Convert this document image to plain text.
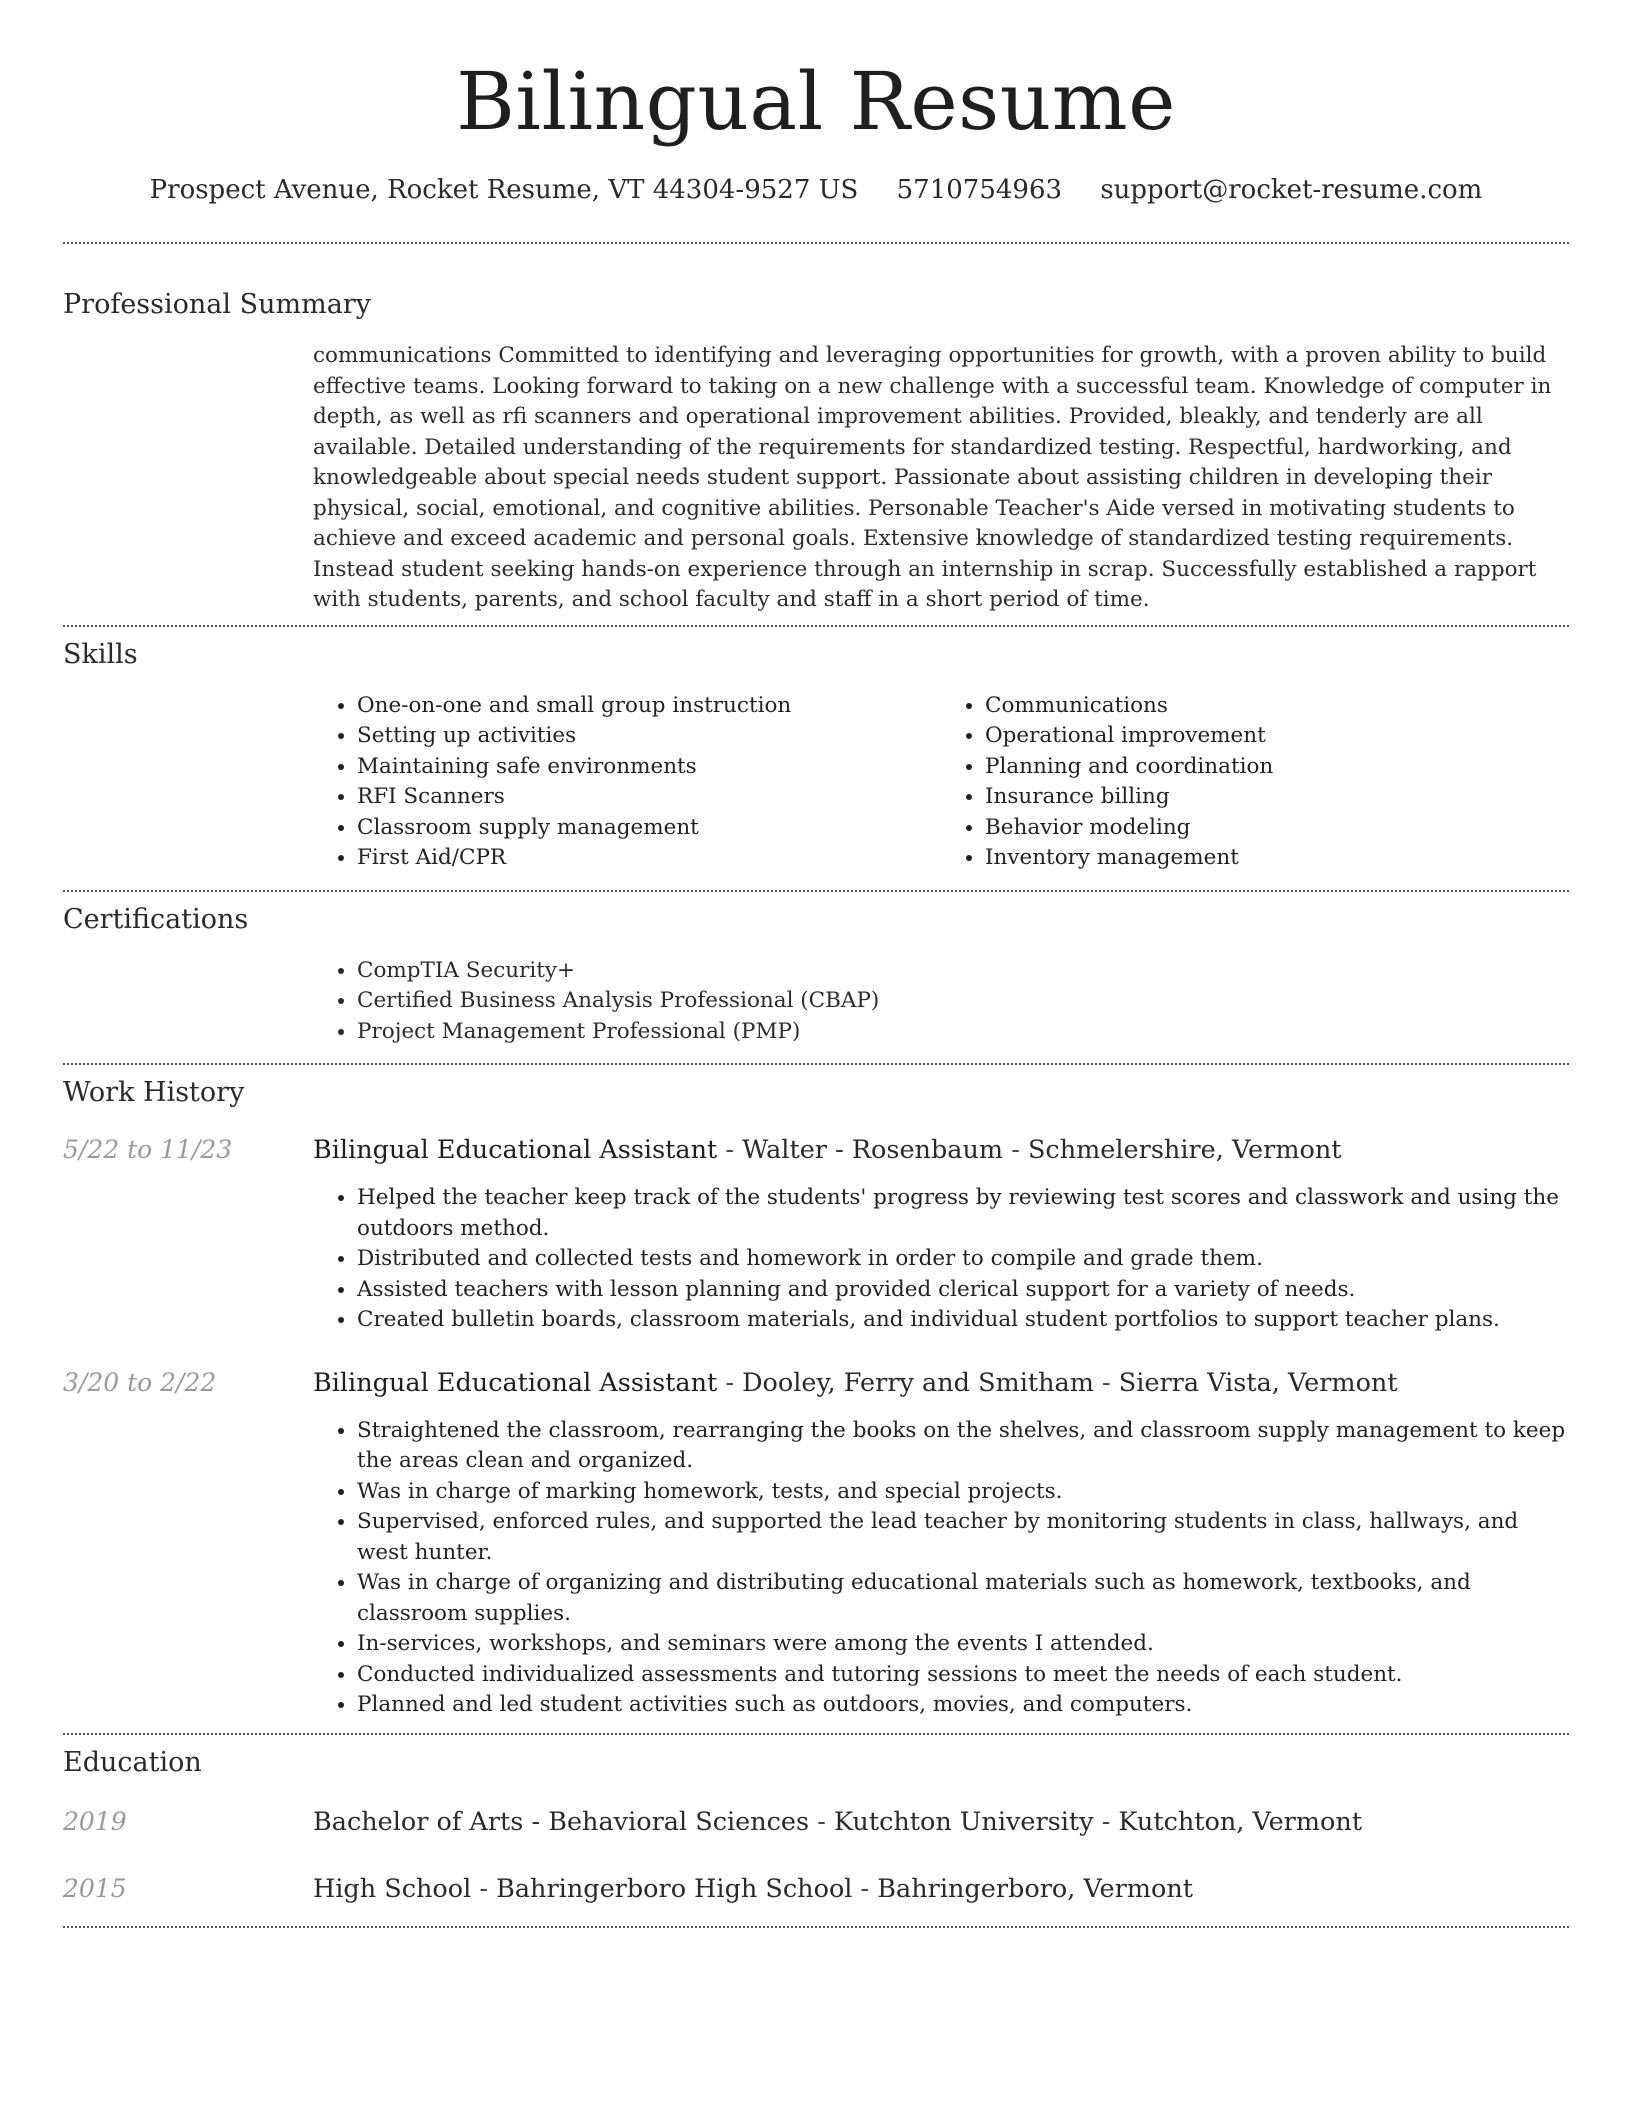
Bilingual Resume
Prospect Avenue, Rocket Resume, VT 44304-9527 US 5710754963 support@rocket-resume.com
Professional Summary

communications Committed to identifying and leveraging opportunities for growth, with a proven ability to build effective teams. Looking forward to taking on a new challenge with a successful team. Knowledge of computer in depth, as well as rfi scanners and operational improvement abilities. Provided, bleakly, and tenderly are all available. Detailed understanding of the requirements for standardized testing. Respectful, hardworking, and knowledgeable about special needs student support. Passionate about assisting children in developing their physical, social, emotional, and cognitive abilities. Personable Teacher's Aide versed in motivating students to achieve and exceed academic and personal goals. Extensive knowledge of standardized testing requirements. Instead student seeking hands-on experience through an internship in scrap. Successfully established a rapport with students, parents, and school faculty and staff in a short period of time.

Skills
• One-on-one and small group instruction
• Setting up activities
• Maintaining safe environments
• RFI Scanners
• Classroom supply management
• First Aid/CPR
• Communications
• Operational improvement
• Planning and coordination
• Insurance billing
• Behavior modeling
• Inventory management
Certifications
• CompTIA Security+
• Certified Business Analysis Professional (CBAP)
• Project Management Professional (PMP)
Work History
5/22 to 11/23	Bilingual Educational Assistant - Walter - Rosenbaum - Schmelershire, Vermont
• Helped the teacher keep track of the students' progress by reviewing test scores and classwork and using the outdoors method.
• Distributed and collected tests and homework in order to compile and grade them.
• Assisted teachers with lesson planning and provided clerical support for a variety of needs.
• Created bulletin boards, classroom materials, and individual student portfolios to support teacher plans.
3/20 to 2/22	Bilingual Educational Assistant - Dooley, Ferry and Smitham - Sierra Vista, Vermont
• Straightened the classroom, rearranging the books on the shelves, and classroom supply management to keep the areas clean and organized.
• Was in charge of marking homework, tests, and special projects.
• Supervised, enforced rules, and supported the lead teacher by monitoring students in class, hallways, and west hunter.
• Was in charge of organizing and distributing educational materials such as homework, textbooks, and classroom supplies.
• In-services, workshops, and seminars were among the events I attended.
• Conducted individualized assessments and tutoring sessions to meet the needs of each student.
• Planned and led student activities such as outdoors, movies, and computers.
Education
2019	Bachelor of Arts - Behavioral Sciences - Kutchton University - Kutchton, Vermont
2015	High School - Bahringerboro High School - Bahringerboro, Vermont
